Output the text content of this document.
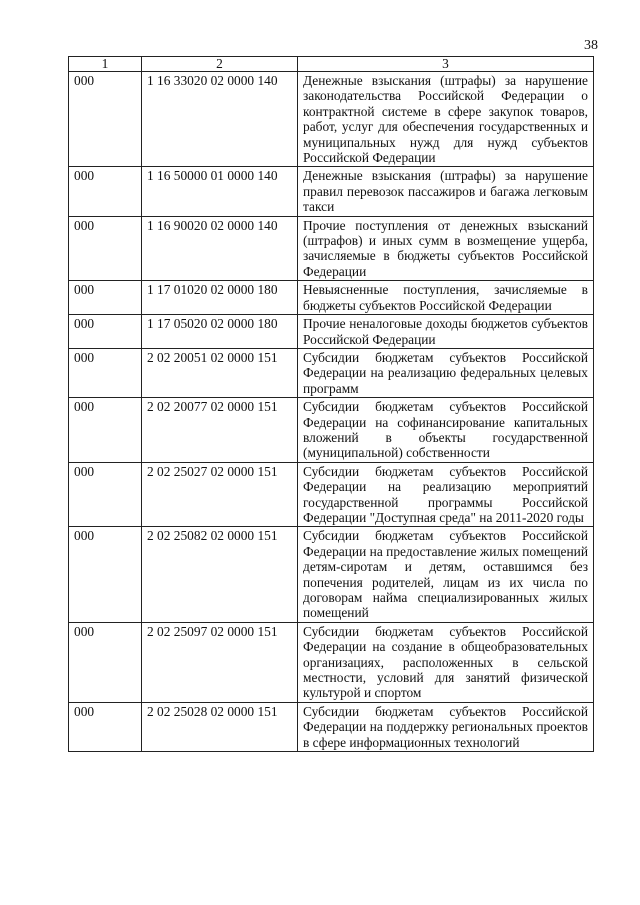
38
1	2	3
000	1 16 33020 02 0000 140	Денежные взыскания (штрафы) за нарушение законодательства Российской Федерации о контрактной системе в сфере закупок товаров, работ, услуг для обеспечения государственных и муниципальных нужд для нужд субъектов Российской Федерации
000	1 16 50000 01 0000 140	Денежные взыскания (штрафы) за нарушение правил перевозок пассажиров и багажа легковым такси
000	1 16 90020 02 0000 140	Прочие поступления от денежных взысканий (штрафов) и иных сумм в возмещение ущерба, зачисляемые в бюджеты субъектов Российской Федерации
000	1 17 01020 02 0000 180	Невыясненные поступления, зачисляемые в бюджеты субъектов Российской Федерации
000	1 17 05020 02 0000 180	Прочие неналоговые доходы бюджетов субъектов Российской Федерации
000	2 02 20051 02 0000 151	Субсидии бюджетам субъектов Российской Федерации на реализацию федеральных целевых программ
000	2 02 20077 02 0000 151	Субсидии бюджетам субъектов Российской Федерации на софинансирование капитальных вложений в объекты государственной (муниципальной) собственности
000	2 02 25027 02 0000 151	Субсидии бюджетам субъектов Российской Федерации на реализацию мероприятий государственной программы Российской Федерации "Доступная среда" на 2011-2020 годы
000	2 02 25082 02 0000 151	Субсидии бюджетам субъектов Российской Федерации на предоставление жилых помещений детям-сиротам и детям, оставшимся без попечения родителей, лицам из их числа по договорам найма специализированных жилых помещений
000	2 02 25097 02 0000 151	Субсидии бюджетам субъектов Российской Федерации на создание в общеобразовательных организациях, расположенных в сельской местности, условий для занятий физической культурой и спортом
000	2 02 25028 02 0000 151	Субсидии бюджетам субъектов Российской Федерации на поддержку региональных проектов в сфере информационных технологий
